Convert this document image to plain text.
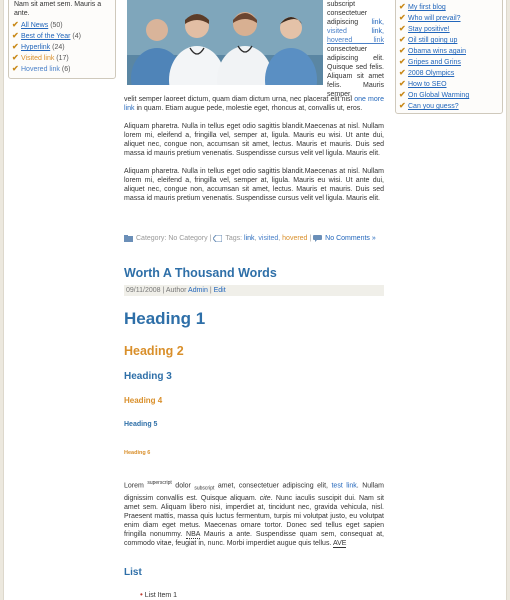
Nam sit amet sem. Mauris a ante.
✔ All News (50)
✔ Best of the Year (4)
✔ Hyperlink (24)
✔ Visited link (17)
✔ Hovered link (6)
✔ My first blog
✔ Who will prevail?
✔ Stay positive!
✔ Oil still going up
✔ Obama wins again
✔ Gripes and Grins
✔ 2008 Olympics
✔ How to SEO
✔ On Global Warming
✔ Can you guess?
subscript consectetuer adipiscing link, visited	link, hovered link consectetuer adipiscing elit. Quisque sed felis. Aliquam sit amet felis. Mauris semper,

velit semper laoreet dictum, quam diam dictum urna, nec placerat elit nisl one more link in quam. Etiam augue pede, molestie eget, rhoncus at, convallis ut, eros.

Aliquam pharetra. Nulla in tellus eget odio sagittis blandit.Maecenas at nisl. Nullam lorem mi, eleifend a, fringilla vel, semper at, ligula. Mauris eu wisi. Ut ante dui, aliquet nec, congue non, accumsan sit amet, lectus. Mauris et mauris. Duis sed massa id mauris pretium venenatis. Suspendisse cursus velit vel ligula. Mauris elit.

Aliquam pharetra. Nulla in tellus eget odio sagittis blandit.Maecenas at nisl. Nullam lorem mi, eleifend a, fringilla vel, semper at, ligula. Mauris eu wisi. Ut ante dui, aliquet nec, congue non, accumsan sit amet, lectus. Mauris et mauris. Duis sed massa id mauris pretium venenatis. Suspendisse cursus velit vel ligula. Mauris elit.

Category: No Category | Tags: link, visited, hovered | No Comments »
Worth A Thousand Words
09/11/2008 | Author Admin | Edit
Heading 1
Heading 2
Heading 3
Heading 4
Heading 5
Heading 6

Lorem $^{superscript}$ dolor $_{subscript}$ amet, consectetuer adipiscing elit, test link. Nullam dignissim convallis est. Quisque aliquam. cite. Nunc iaculis suscipit dui. Nam sit amet sem. Aliquam libero nisi, imperdiet at, tincidunt nec, gravida vehicula, nisl. Praesent mattis, massa quis luctus fermentum, turpis mi volutpat justo, eu volutpat enim diam eget metus. Maecenas ornare tortor. Donec sed tellus eget sapien fringilla nonummy. NBA Mauris a ante. Suspendisse quam sem, consequat at, commodo vitae, feugiat in, nunc. Morbi imperdiet augue quis tellus. AVE

List
• List Item 1
